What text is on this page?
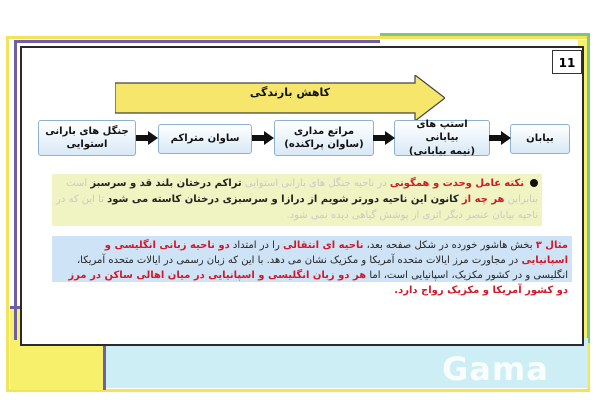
11
کاهش بارندگی
جنگل های بارانی
استوایی
ساوان متراکم
مراتع مداری
(ساوان پراکنده)
استپ های بیابانی
(نیمه بیابانی)
بیابان
نکته عامل وحدت و همگونی در ناحیه جنگل های بارانی استوایی تراکم درختان بلند قد و سرسبز است بنابراین هر چه از کانون این ناحیه دورتر شویم از درازا و سرسبزی درختان کاسته می شود تا این که در ناحیه بیابان عنصر دیگر اثری از پوشش گیاهی دیده نمی شود.
مثال ۳ بخش هاشور خورده در شکل صفحه بعد، ناحیه ای انتقالی را در امتداد دو ناحیه زبانی انگلیسی و اسپانیایی در مجاورت مرز ایالات متحده آمریکا و مکزیک نشان می دهد. با این که زبان رسمی در ایالات متحده آمریکا، انگلیسی و در کشور مکزیک، اسپانیایی است، اما هر دو زبان انگلیسی و اسپانیایی در میان اهالی ساکن در مرز دو کشور آمریکا و مکزیک رواج دارد.
Gama
